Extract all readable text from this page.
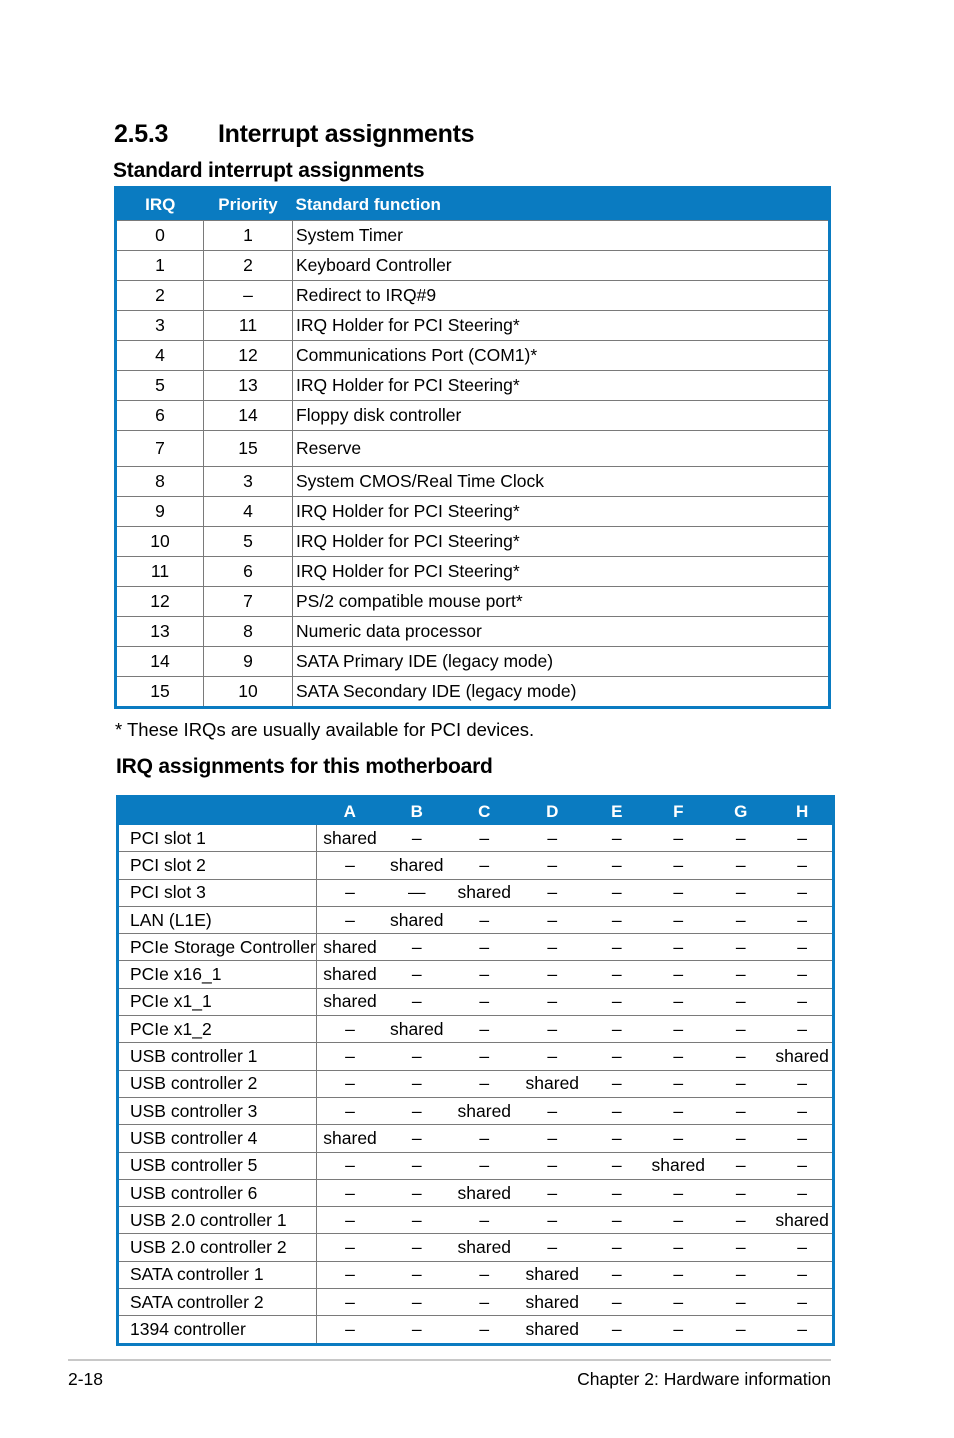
2.5.3 Interrupt assignments
Standard interrupt assignments
IRQ	Priority	Standard function
0	1	System Timer
1	2	Keyboard Controller
2	–	Redirect to IRQ#9
3	11	IRQ Holder for PCI Steering*
4	12	Communications Port (COM1)*
5	13	IRQ Holder for PCI Steering*
6	14	Floppy disk controller
7	15	Reserve
8	3	System CMOS/Real Time Clock
9	4	IRQ Holder for PCI Steering*
10	5	IRQ Holder for PCI Steering*
11	6	IRQ Holder for PCI Steering*
12	7	PS/2 compatible mouse port*
13	8	Numeric data processor
14	9	SATA Primary IDE (legacy mode)
15	10	SATA Secondary IDE (legacy mode)
* These IRQs are usually available for PCI devices.
IRQ assignments for this motherboard
	A	B	C	D	E	F	G	H
PCI slot 1	shared	–	–	–	–	–	–	–
PCI slot 2	–	shared	–	–	–	–	–	–
PCI slot 3	–	—	shared	–	–	–	–	–
LAN (L1E)	–	shared	–	–	–	–	–	–
PCIe Storage Controller	shared	–	–	–	–	–	–	–
PCIe x16_1	shared	–	–	–	–	–	–	–
PCIe x1_1	shared	–	–	–	–	–	–	–
PCIe x1_2	–	shared	–	–	–	–	–	–
USB controller 1	–	–	–	–	–	–	–	shared
USB controller 2	–	–	–	shared	–	–	–	–
USB controller 3	–	–	shared	–	–	–	–	–
USB controller 4	shared	–	–	–	–	–	–	–
USB controller 5	–	–	–	–	–	shared	–	–
USB controller 6	–	–	shared	–	–	–	–	–
USB 2.0 controller 1	–	–	–	–	–	–	–	shared
USB 2.0 controller 2	–	–	shared	–	–	–	–	–
SATA controller 1	–	–	–	shared	–	–	–	–
SATA controller 2	–	–	–	shared	–	–	–	–
1394 controller	–	–	–	shared	–	–	–	–
2-18	Chapter 2: Hardware information
